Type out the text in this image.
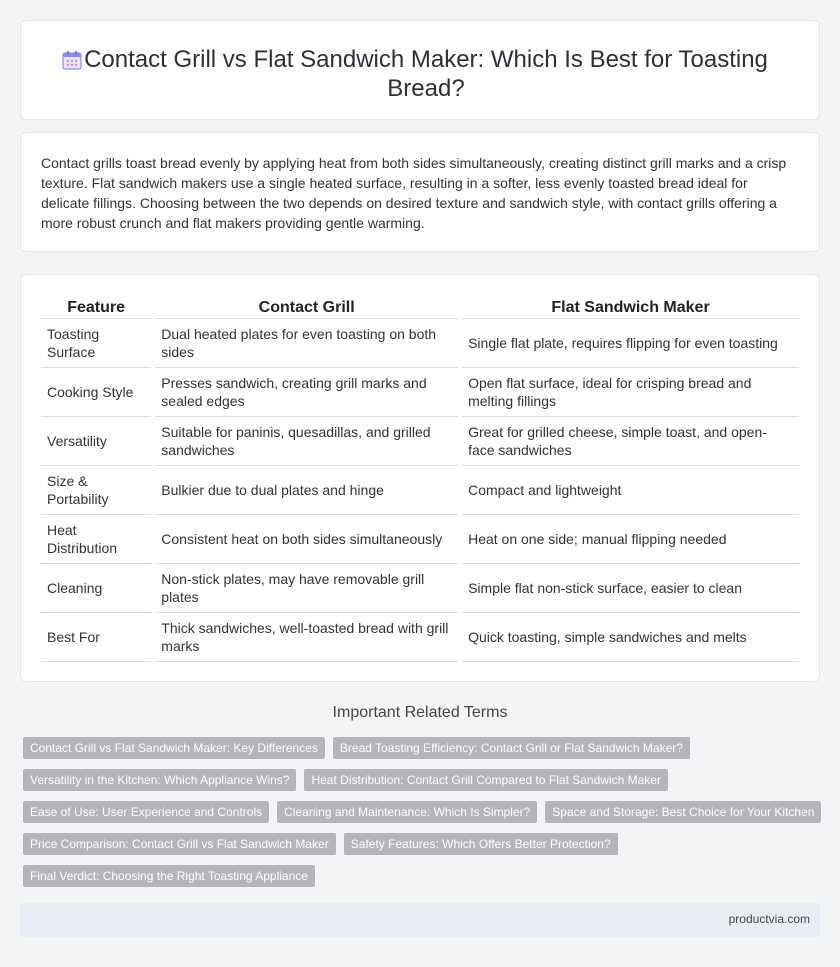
Contact Grill vs Flat Sandwich Maker: Which Is Best for Toasting Bread?

Contact grills toast bread evenly by applying heat from both sides simultaneously, creating distinct grill marks and a crisp texture. Flat sandwich makers use a single heated surface, resulting in a softer, less evenly toasted bread ideal for delicate fillings. Choosing between the two depends on desired texture and sandwich style, with contact grills offering a more robust crunch and flat makers providing gentle warming.

Feature		Contact Grill		Flat Sandwich Maker
Toasting Surface		Dual heated plates for even toasting on both sides		Single flat plate, requires flipping for even toasting
Cooking Style		Presses sandwich, creating grill marks and sealed edges		Open flat surface, ideal for crisping bread and melting fillings
Versatility		Suitable for paninis, quesadillas, and grilled sandwiches		Great for grilled cheese, simple toast, and open-face sandwiches
Size & Portability		Bulkier due to dual plates and hinge		Compact and lightweight
Heat Distribution		Consistent heat on both sides simultaneously		Heat on one side; manual flipping needed
Cleaning		Non-stick plates, may have removable grill plates		Simple flat non-stick surface, easier to clean
Best For		Thick sandwiches, well-toasted bread with grill marks		Quick toasting, simple sandwiches and melts
Important Related Terms
Contact Grill vs Flat Sandwich Maker: Key Differences	Bread Toasting Efficiency: Contact Grill or Flat Sandwich Maker?
Versatility in the Kitchen: Which Appliance Wins?	Heat Distribution: Contact Grill Compared to Flat Sandwich Maker
Ease of Use: User Experience and Controls	Cleaning and Maintenance: Which Is Simpler?	Space and Storage: Best Choice for Your Kitchen
Price Comparison: Contact Grill vs Flat Sandwich Maker	Safety Features: Which Offers Better Protection?
Final Verdict: Choosing the Right Toasting Appliance
productvia.com
